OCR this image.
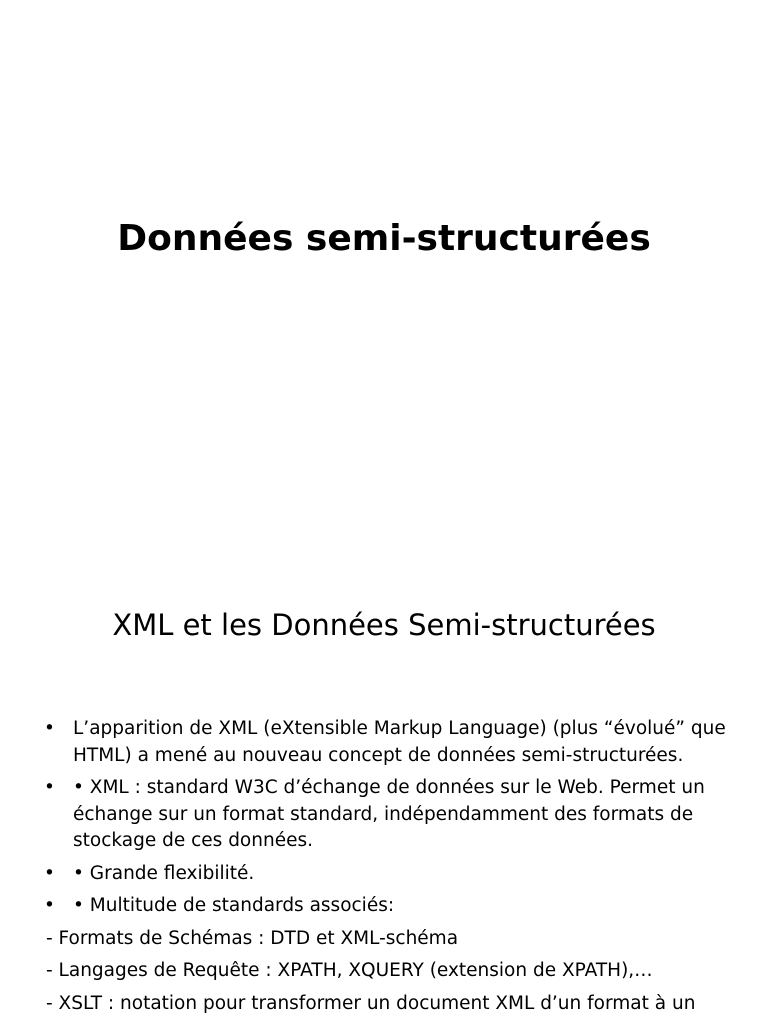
Données semi-structurées
XML et les Données Semi-structurées
• L’apparition de XML (eXtensible Markup Language) (plus “évolué” que HTML) a mené au nouveau concept de données semi-structurées.
• • XML : standard W3C d’échange de données sur le Web. Permet un échange sur un format standard, indépendamment des formats de stockage de ces données.
• • Grande flexibilité.
• • Multitude de standards associés:

- Formats de Schémas : DTD et XML-schéma

- Langages de Requête : XPATH, XQUERY (extension de XPATH),…

- XSLT : notation pour transformer un document XML d’un format à un
